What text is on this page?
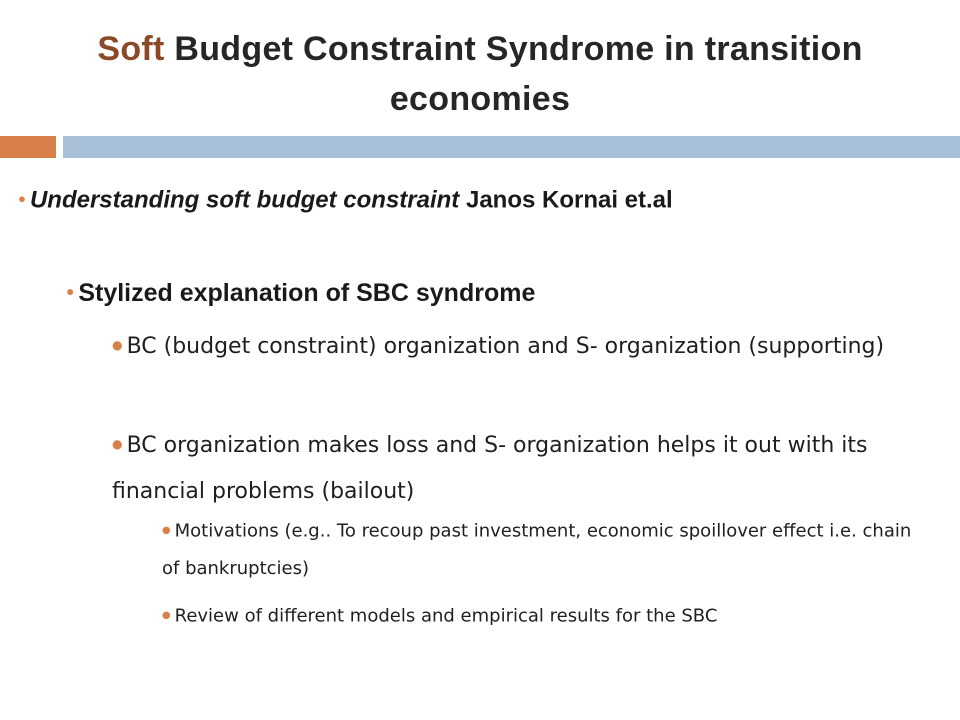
Soft Budget Constraint Syndrome in transition economies
● Understanding soft budget constraint Janos Kornai et.al
● Stylized explanation of SBC syndrome
● BC (budget constraint) organization and S- organization (supporting)
● BC organization makes loss and S- organization helps it out with its financial problems (bailout)
● Motivations (e.g.. To recoup past investment, economic spoillover effect i.e. chain of bankruptcies)
● Review of different models and empirical results for the SBC
